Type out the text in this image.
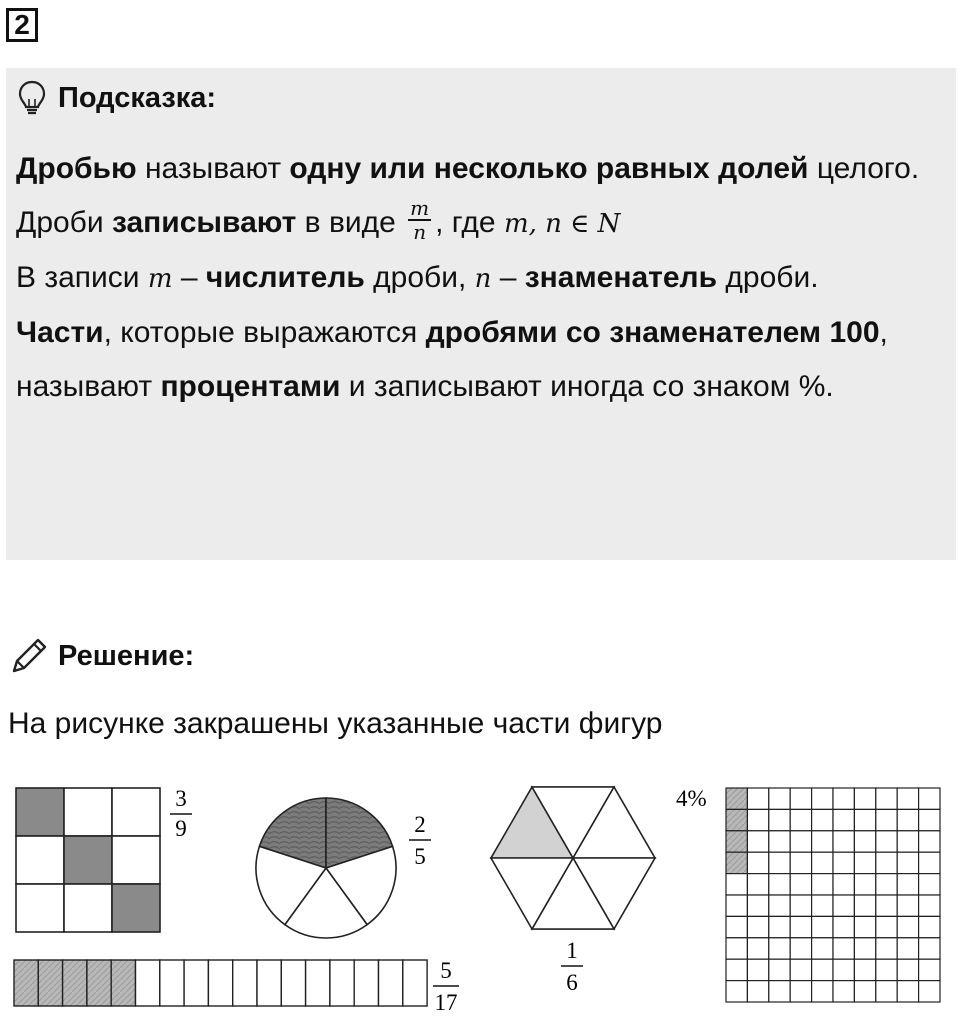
2
Подсказка:

Дробью называют одну или несколько равных долей целого.

Дроби записывают в виде $\frac{m}{n}$ , где m, n ∈ N

В записи m – числитель дроби, n – знаменатель дроби.

Части, которые выражаются дробями со знаменателем 100, называют процентами и записывают иногда со знаком %.

Решение:
На рисунке закрашены указанные части фигур
3
9	2
5
1
6
5
17
4%
